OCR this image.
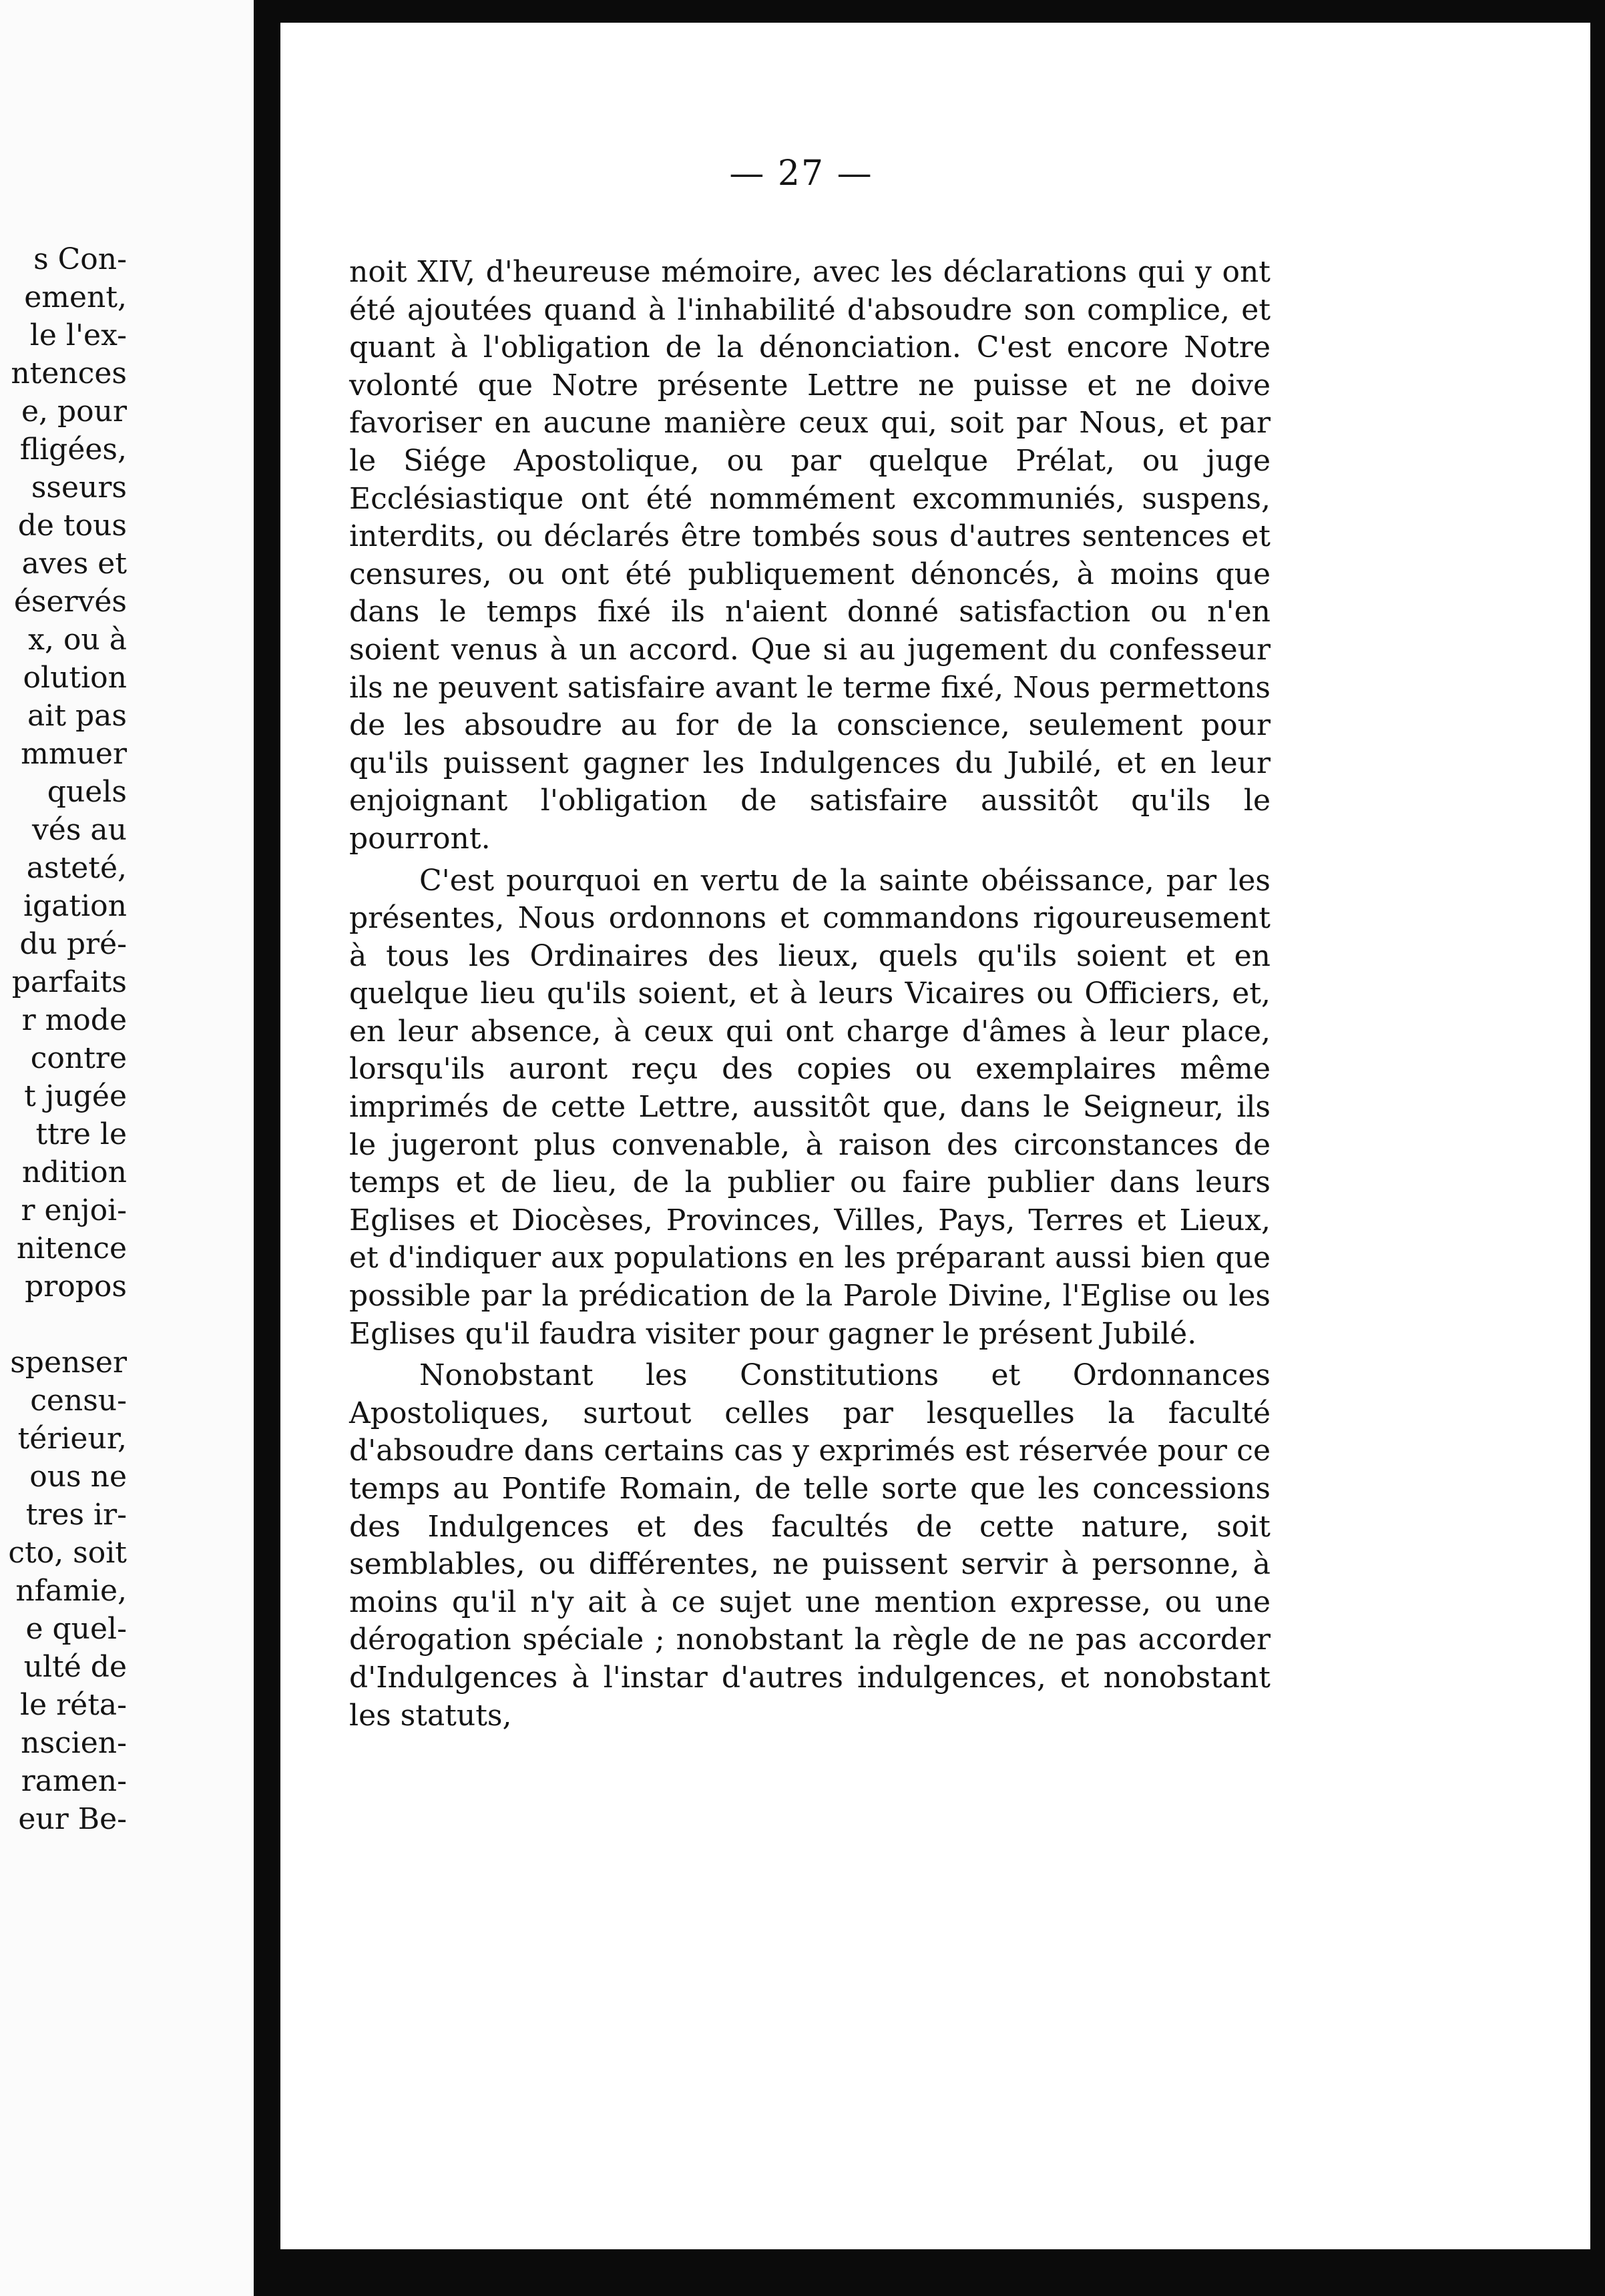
s Con-
ement,
le l'ex-
ntences
e, pour
fligées,
sseurs
de tous
aves et
éservés
x, ou à
olution
ait pas
mmuer
quels
vés au
asteté,
igation
du pré-
parfaits
r mode
contre
t jugée
ttre le
ndition
r enjoi-
nitence
propos
spenser
censu-
térieur,
ous ne
tres ir-
cto, soit
nfamie,
e quel-
ulté de
le réta-
nscien-
ramen-
eur Be-
— 27 —

noit XIV, d'heureuse mémoire, avec les déclarations qui y ont été ajoutées quand à l'inhabilité d'absoudre son complice, et quant à l'obligation de la dénonciation. C'est encore Notre volonté que Notre présente Lettre ne puisse et ne doive favoriser en aucune manière ceux qui, soit par Nous, et par le Siége Apostolique, ou par quelque Prélat, ou juge Ecclésiastique ont été nommément excommuniés, suspens, interdits, ou déclarés être tombés sous d'autres sentences et censures, ou ont été publiquement dénoncés, à moins que dans le temps fixé ils n'aient donné satisfaction ou n'en soient venus à un accord. Que si au jugement du confesseur ils ne peuvent satisfaire avant le terme fixé, Nous permettons de les absoudre au for de la conscience, seulement pour qu'ils puissent gagner les Indulgences du Jubilé, et en leur enjoignant l'obligation de satisfaire aussitôt qu'ils le pourront.

C'est pourquoi en vertu de la sainte obéissance, par les présentes, Nous ordonnons et commandons rigoureusement à tous les Ordinaires des lieux, quels qu'ils soient et en quelque lieu qu'ils soient, et à leurs Vicaires ou Officiers, et, en leur absence, à ceux qui ont charge d'âmes à leur place, lorsqu'ils auront reçu des copies ou exemplaires même imprimés de cette Lettre, aussitôt que, dans le Seigneur, ils le jugeront plus convenable, à raison des circonstances de temps et de lieu, de la publier ou faire publier dans leurs Eglises et Diocèses, Provinces, Villes, Pays, Terres et Lieux, et d'indiquer aux populations en les préparant aussi bien que possible par la prédication de la Parole Divine, l'Eglise ou les Eglises qu'il faudra visiter pour gagner le présent Jubilé.

Nonobstant les Constitutions et Ordonnances Apostoliques, surtout celles par lesquelles la faculté d'absoudre dans certains cas y exprimés est réservée pour ce temps au Pontife Romain, de telle sorte que les concessions des Indulgences et des facultés de cette nature, soit semblables, ou différentes, ne puissent servir à personne, à moins qu'il n'y ait à ce sujet une mention expresse, ou une dérogation spéciale ; nonobstant la règle de ne pas accorder d'Indulgences à l'instar d'autres indulgences, et nonobstant les statuts,
